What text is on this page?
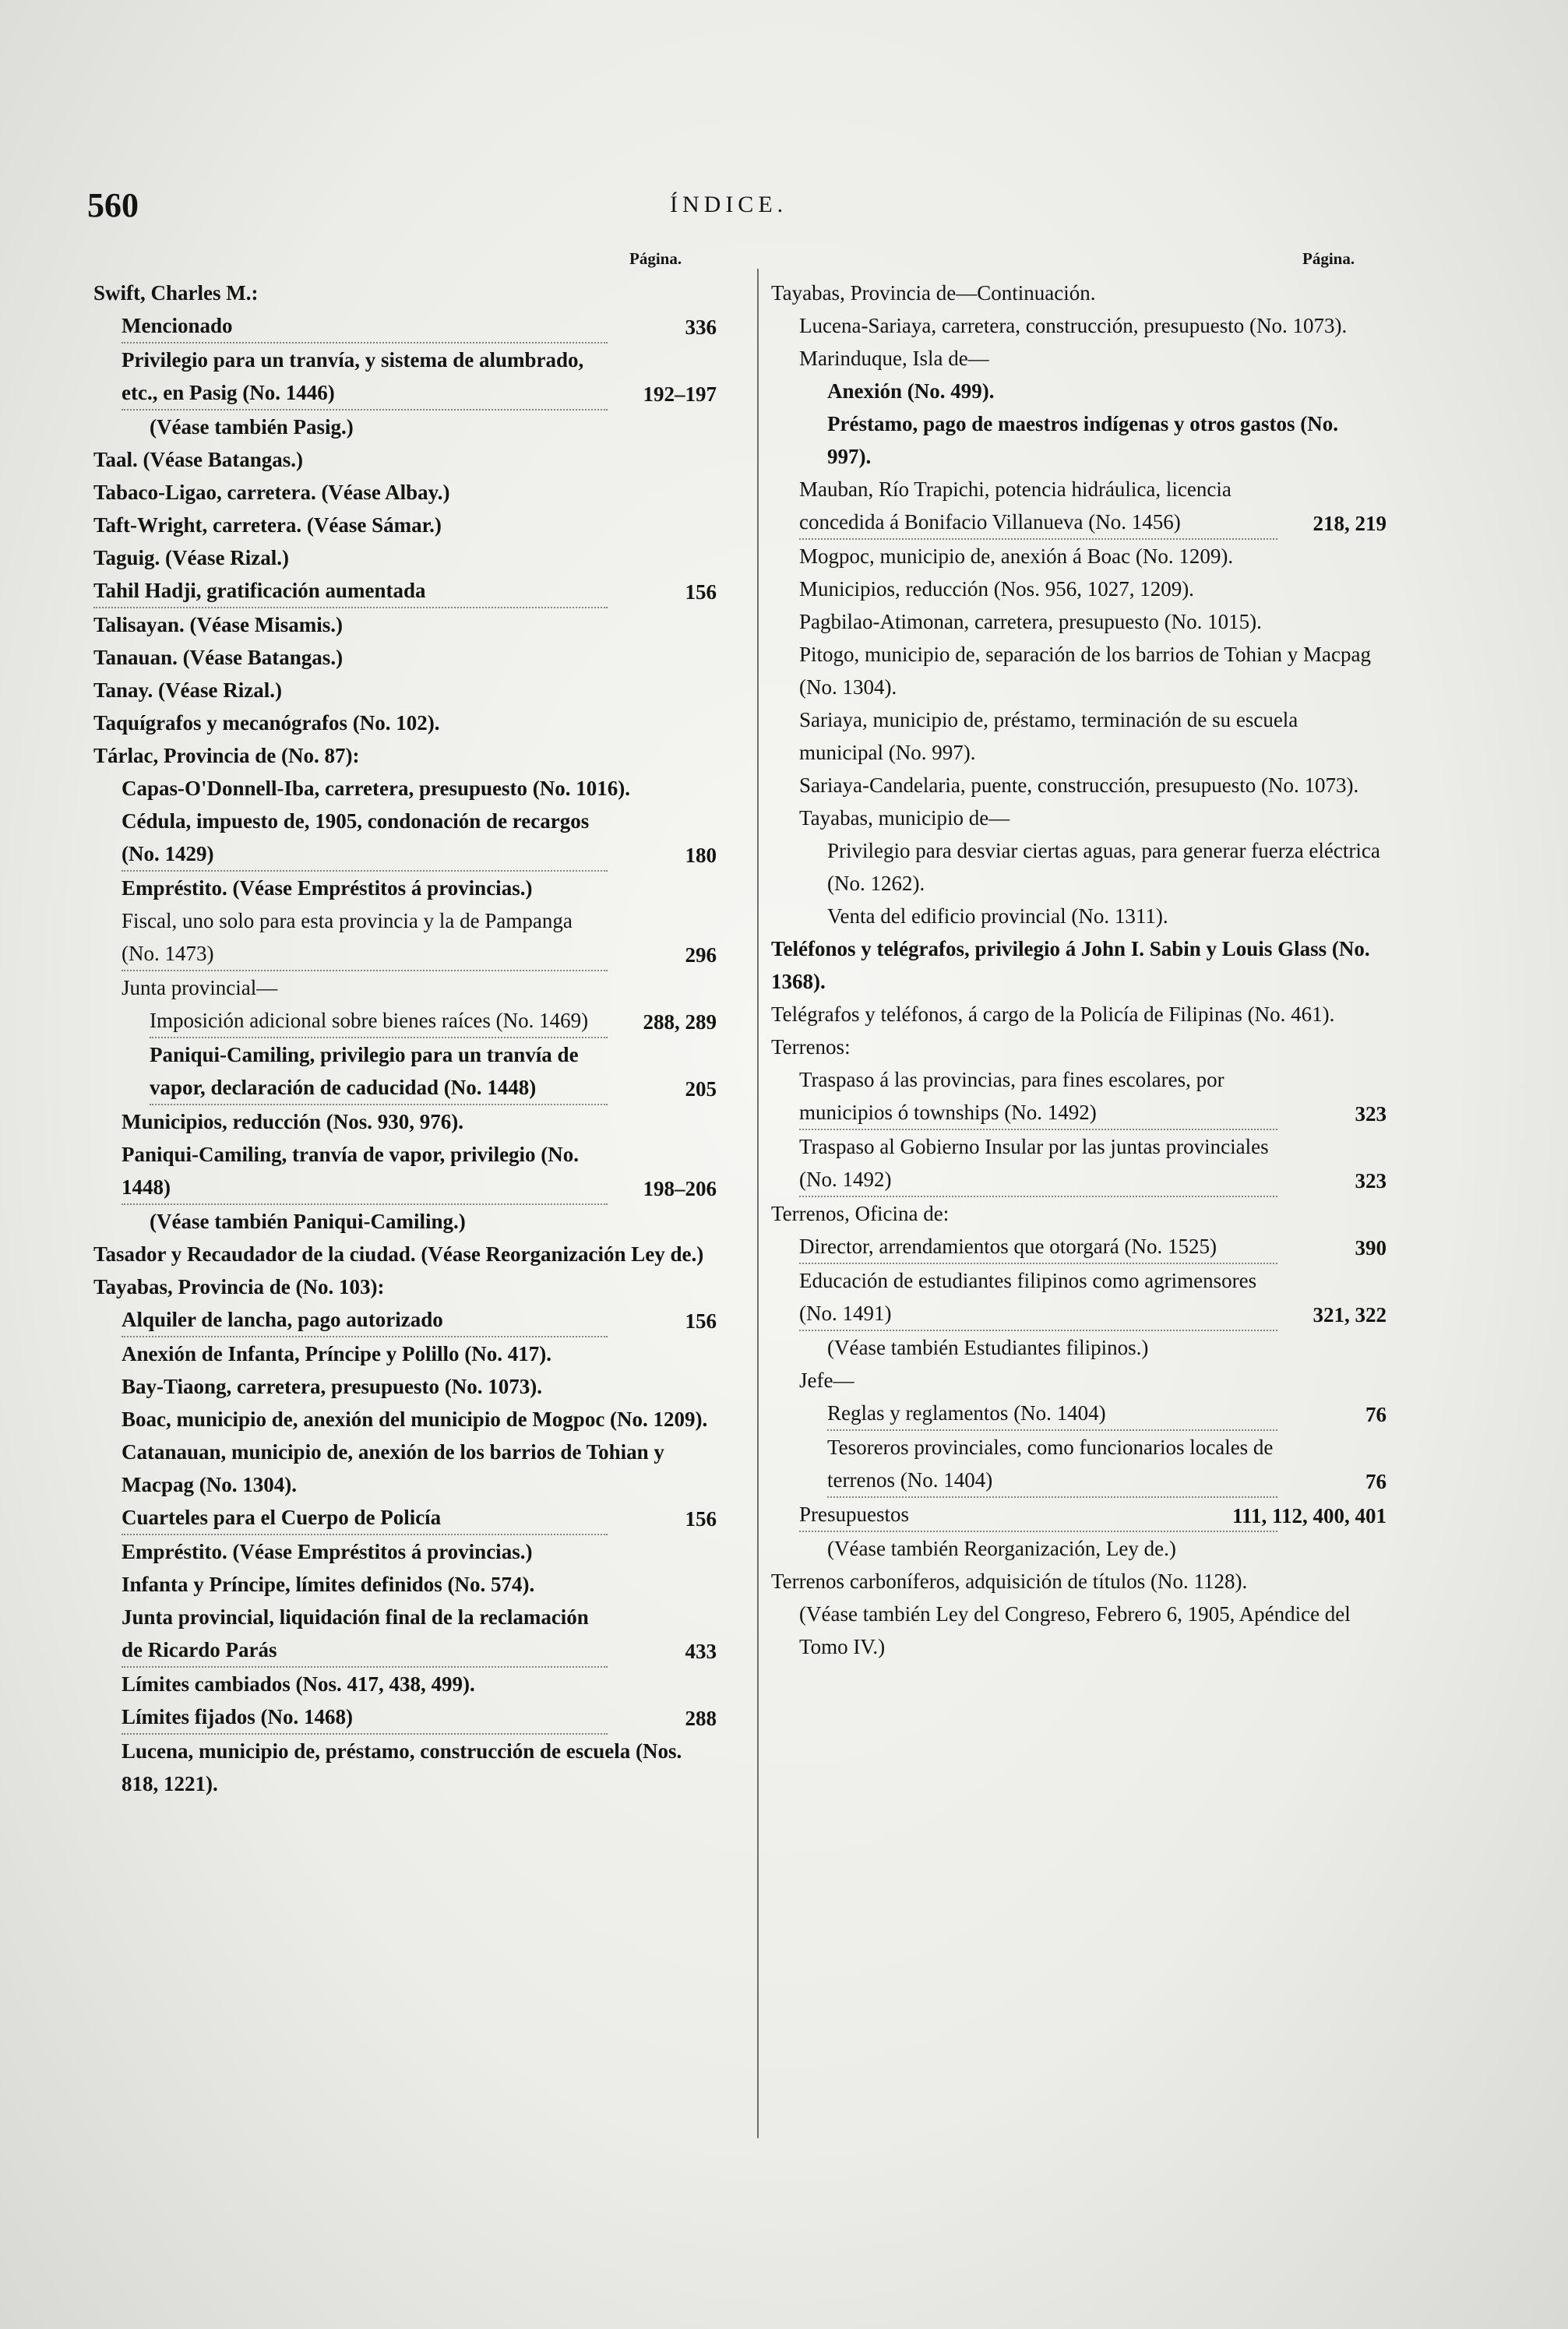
560	ÍNDICE.
Página.	Página.
Swift, Charles M.:
Mencionado	336
Privilegio para un tranvía, y sistema de alumbrado, etc., en Pasig (No. 1446)	192–197
(Véase también Pasig.)
Taal. (Véase Batangas.)
Tabaco-Ligao, carretera. (Véase Albay.)
Taft-Wright, carretera. (Véase Sámar.)
Taguig. (Véase Rizal.)
Tahil Hadji, gratificación aumentada	156
Talisayan. (Véase Misamis.)
Tanauan. (Véase Batangas.)
Tanay. (Véase Rizal.)
Taquígrafos y mecanógrafos (No. 102).
Tárlac, Provincia de (No. 87):
Capas-O'Donnell-Iba, carretera, presupuesto (No. 1016).
Cédula, impuesto de, 1905, condonación de recargos (No. 1429)	180
Empréstito. (Véase Empréstitos á provincias.)
Fiscal, uno solo para esta provincia y la de Pampanga (No. 1473)	296
Junta provincial—
Imposición adicional sobre bienes raíces (No. 1469)	288, 289
Paniqui-Camiling, privilegio para un tranvía de vapor, declaración de caducidad (No. 1448)	205
Municipios, reducción (Nos. 930, 976).
Paniqui-Camiling, tranvía de vapor, privilegio (No. 1448)	198–206
(Véase también Paniqui-Camiling.)
Tasador y Recaudador de la ciudad. (Véase Reorganización Ley de.)
Tayabas, Provincia de (No. 103):
Alquiler de lancha, pago autorizado	156
Anexión de Infanta, Príncipe y Polillo (No. 417).
Bay-Tiaong, carretera, presupuesto (No. 1073).
Boac, municipio de, anexión del municipio de Mogpoc (No. 1209).
Catanauan, municipio de, anexión de los barrios de Tohian y Macpag (No. 1304).
Cuarteles para el Cuerpo de Policía	156
Empréstito. (Véase Empréstitos á provincias.)
Infanta y Príncipe, límites definidos (No. 574).
Junta provincial, liquidación final de la reclamación de Ricardo Parás	433
Límites cambiados (Nos. 417, 438, 499).
Límites fijados (No. 1468)	288
Lucena, municipio de, préstamo, construcción de escuela (Nos. 818, 1221).
Tayabas, Provincia de—Continuación.
Lucena-Sariaya, carretera, construcción, presupuesto (No. 1073).
Marinduque, Isla de—
Anexión (No. 499).
Préstamo, pago de maestros indígenas y otros gastos (No. 997).
Mauban, Río Trapichi, potencia hidráulica, licencia concedida á Bonifacio Villanueva (No. 1456)	218, 219
Mogpoc, municipio de, anexión á Boac (No. 1209).
Municipios, reducción (Nos. 956, 1027, 1209).
Pagbilao-Atimonan, carretera, presupuesto (No. 1015).
Pitogo, municipio de, separación de los barrios de Tohian y Macpag (No. 1304).
Sariaya, municipio de, préstamo, terminación de su escuela municipal (No. 997).
Sariaya-Candelaria, puente, construcción, presupuesto (No. 1073).
Tayabas, municipio de—
Privilegio para desviar ciertas aguas, para generar fuerza eléctrica (No. 1262).
Venta del edificio provincial (No. 1311).
Teléfonos y telégrafos, privilegio á John I. Sabin y Louis Glass (No. 1368).
Telégrafos y teléfonos, á cargo de la Policía de Filipinas (No. 461).
Terrenos:
Traspaso á las provincias, para fines escolares, por municipios ó townships (No. 1492)	323
Traspaso al Gobierno Insular por las juntas provinciales (No. 1492)	323
Terrenos, Oficina de:
Director, arrendamientos que otorgará (No. 1525)	390
Educación de estudiantes filipinos como agrimensores (No. 1491)	321, 322
(Véase también Estudiantes filipinos.)
Jefe—
Reglas y reglamentos (No. 1404)	76
Tesoreros provinciales, como funcionarios locales de terrenos (No. 1404)	76
Presupuestos	111, 112, 400, 401
(Véase también Reorganización, Ley de.)
Terrenos carboníferos, adquisición de títulos (No. 1128).
(Véase también Ley del Congreso, Febrero 6, 1905, Apéndice del Tomo IV.)
